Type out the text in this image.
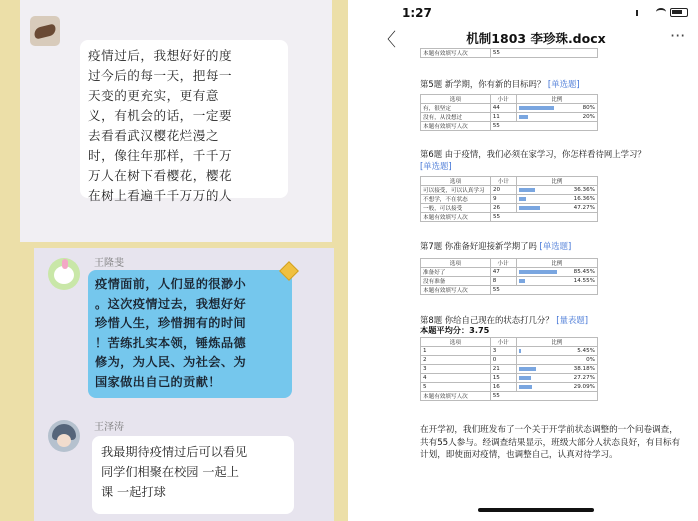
疫情过后，我想好好的度
过今后的每一天，把每一
天变的更充实，更有意
义，有机会的话，一定要
去看看武汉樱花烂漫之
时，像往年那样，千千万
万人在树下看樱花，樱花
在树上看遍千千万万的人
王隆斐
疫情面前，人们显的很渺小
。这次疫情过去，我想好好
珍惜人生，珍惜拥有的时间
！苦练扎实本领，锤炼品德
修为，为人民、为社会、为
国家做出自己的贡献！
王泽涛
我最期待疫情过后可以看见
同学们相聚在校园 一起上
课 一起打球
1:27
〈	机制1803 李珍珠.docx	···
本题有效填写人次	55
第5题 新学期，你有新的目标吗？ [单选题]
选项	小计	比例
有，很坚定	44	80%

没有，从没想过	11	20%

本题有效填写人次	55	
第6题 由于疫情，我们必须在家学习，你怎样看待网上学习？ [单选题]
选项	小计	比例
可以接受，可以认真学习	20	36.36%

不想学，不在状态	9	16.36%

一般，可以接受	26	47.27%

本题有效填写人次	55	
第7题 你准备好迎接新学期了吗 [单选题]
选项	小计	比例
准备好了	47	85.45%

没有准备	8	14.55%

本题有效填写人次	55	
第8题 你给自己现在的状态打几分？ [量表题]
本题平均分：3.75
选项	小计	比例
1	3	5.45%

2	0	0%

3	21	38.18%

4	15	27.27%

5	16	29.09%

本题有效填写人次	55	
在开学初，我们班发布了一个关于开学前状态调整的一个问卷调查，共有55人参与。经调查结果显示，班级大部分人状态良好，有目标有计划，即使面对疫情，也调整自己，认真对待学习。
